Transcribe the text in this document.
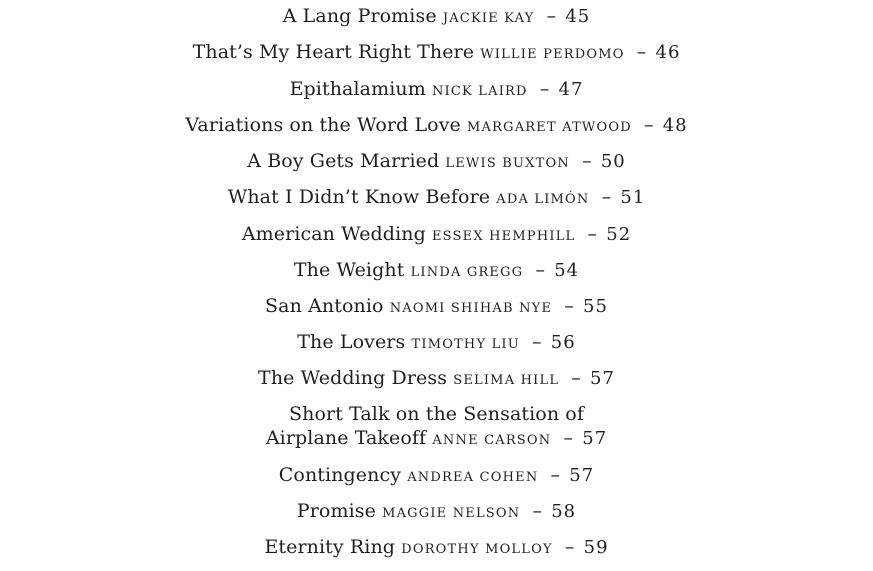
A Lang Promise jackie kay – 45
That’s My Heart Right There willie perdomo – 46
Epithalamium nick laird – 47
Variations on the Word Love margaret atwood – 48
A Boy Gets Married lewis buxton – 50
What I Didn’t Know Before ada limón – 51
American Wedding essex hemphill – 52
The Weight linda gregg – 54
San Antonio naomi shihab nye – 55
The Lovers timothy liu – 56
The Wedding Dress selima hill – 57
Short Talk on the Sensation of
Airplane Takeoff anne carson – 57
Contingency andrea cohen – 57
Promise maggie nelson – 58
Eternity Ring dorothy molloy – 59
